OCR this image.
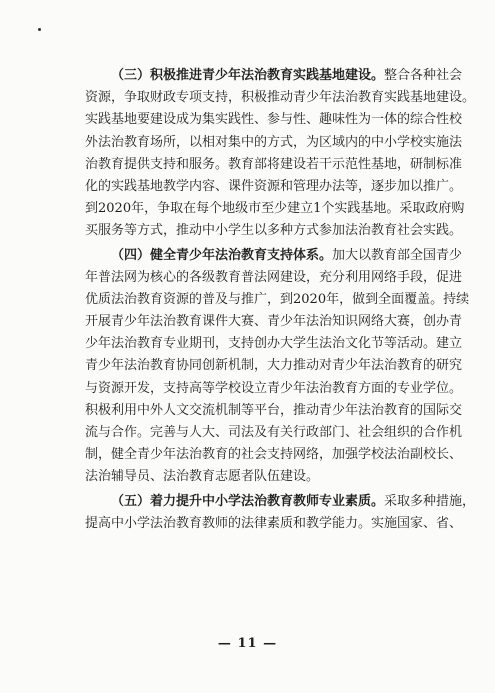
（三）积极推进青少年法治教育实践基地建设。整合各种社会
资源，争取财政专项支持，积极推动青少年法治教育实践基地建设。
实践基地要建设成为集实践性、参与性、趣味性为一体的综合性校
外法治教育场所，以相对集中的方式，为区域内的中小学校实施法
治教育提供支持和服务。教育部将建设若干示范性基地，研制标准
化的实践基地教学内容、课件资源和管理办法等，逐步加以推广。
到2020年，争取在每个地级市至少建立1个实践基地。采取政府购
买服务等方式，推动中小学生以多种方式参加法治教育社会实践。
（四）健全青少年法治教育支持体系。加大以教育部全国青少
年普法网为核心的各级教育普法网建设，充分利用网络手段，促进
优质法治教育资源的普及与推广，到2020年，做到全面覆盖。持续
开展青少年法治教育课件大赛、青少年法治知识网络大赛，创办青
少年法治教育专业期刊，支持创办大学生法治文化节等活动。建立
青少年法治教育协同创新机制，大力推动对青少年法治教育的研究
与资源开发，支持高等学校设立青少年法治教育方面的专业学位。
积极利用中外人文交流机制等平台，推动青少年法治教育的国际交
流与合作。完善与人大、司法及有关行政部门、社会组织的合作机
制，健全青少年法治教育的社会支持网络，加强学校法治副校长、
法治辅导员、法治教育志愿者队伍建设。
（五）着力提升中小学法治教育教师专业素质。采取多种措施，
提高中小学法治教育教师的法律素质和教学能力。实施国家、省、
— 11 —
